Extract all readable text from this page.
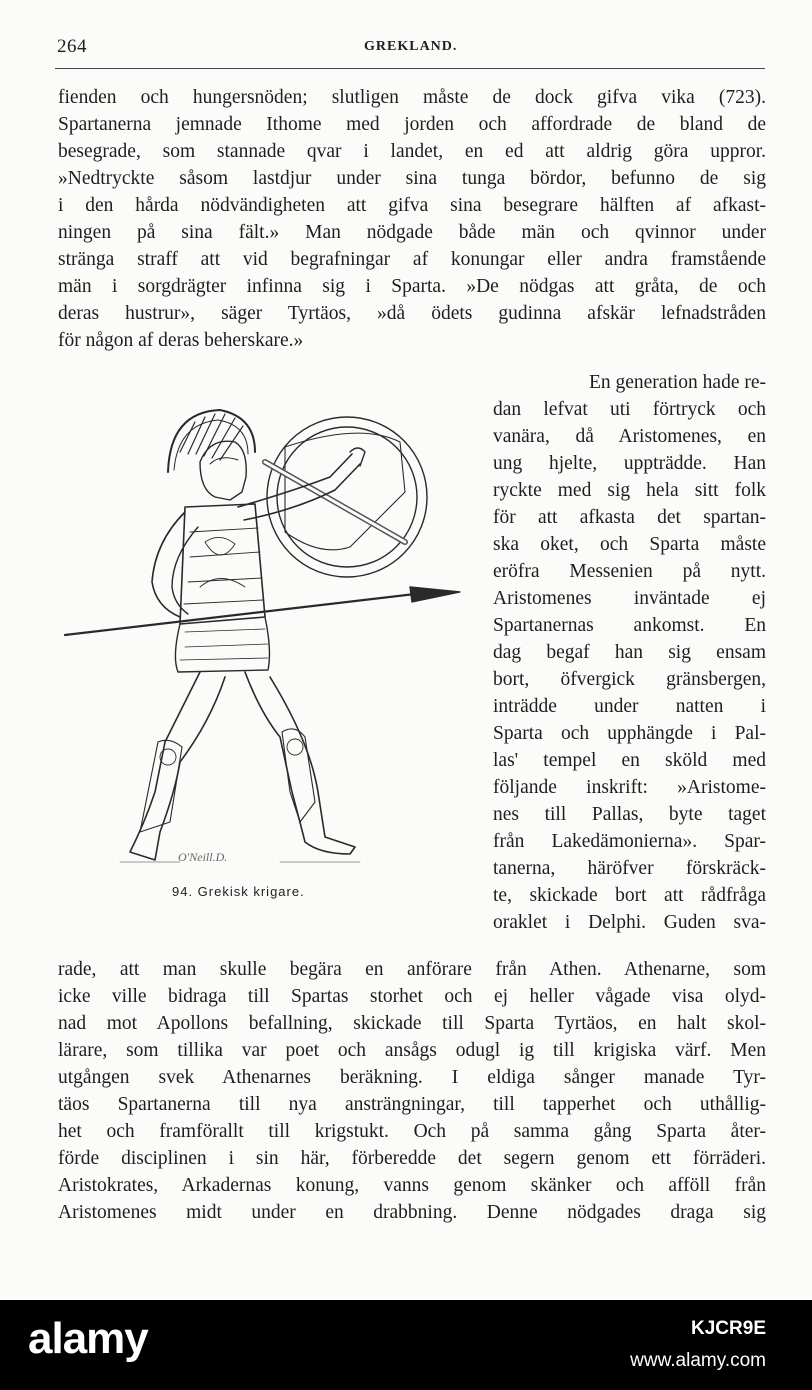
264	GREKLAND.
fienden och hungersnöden; slutligen måste de dock gifva vika (723).
Spartanerna jemnade Ithome med jorden och affordrade de bland de
besegrade, som stannade qvar i landet, en ed att aldrig göra uppror.
»Nedtryckte såsom lastdjur under sina tunga bördor, befunno de sig
i den hårda nödvändigheten att gifva sina besegrare hälften af afkast-
ningen på sina fält.» Man nödgade både män och qvinnor under
stränga straff att vid begrafningar af konungar eller andra framstående
män i sorgdrägter infinna sig i Sparta. »De nödgas att gråta, de och
deras hustrur», säger Tyrtäos, »då ödets gudinna afskär lefnadstråden
för någon af deras beherskare.»
En generation hade re-
dan lefvat uti förtryck och
vanära, då Aristomenes, en
ung hjelte, uppträdde. Han
ryckte med sig hela sitt folk
för att afkasta det spartan-
ska oket, och Sparta måste
eröfra Messenien på nytt.
Aristomenes inväntade ej
Spartanernas ankomst. En
dag begaf han sig ensam
bort, öfvergick gränsbergen,
inträdde under natten i
Sparta och upphängde i Pal-
las' tempel en sköld med
följande inskrift: »Aristome-
nes till Pallas, byte taget
från Lakedämonierna». Spar-
tanerna, häröfver förskräck-
te, skickade bort att rådfråga
oraklet i Delphi. Guden sva-
O'Neill.D.
94. Grekisk krigare.
rade, att man skulle begära en anförare från Athen. Athenarne, som
icke ville bidraga till Spartas storhet och ej heller vågade visa olyd-
nad mot Apollons befallning, skickade till Sparta Tyrtäos, en halt skol-
lärare, som tillika var poet och ansågs odugl ig till krigiska värf. Men
utgången svek Athenarnes beräkning. I eldiga sånger manade Tyr-
täos Spartanerna till nya ansträngningar, till tapperhet och uthållig-
het och framförallt till krigstukt. Och på samma gång Sparta åter-
förde disciplinen i sin här, förberedde det segern genom ett förräderi.
Aristokrates, Arkadernas konung, vanns genom skänker och afföll från
Aristomenes midt under en drabbning. Denne nödgades draga sig
alamy	KJCR9E
www.alamy.com
